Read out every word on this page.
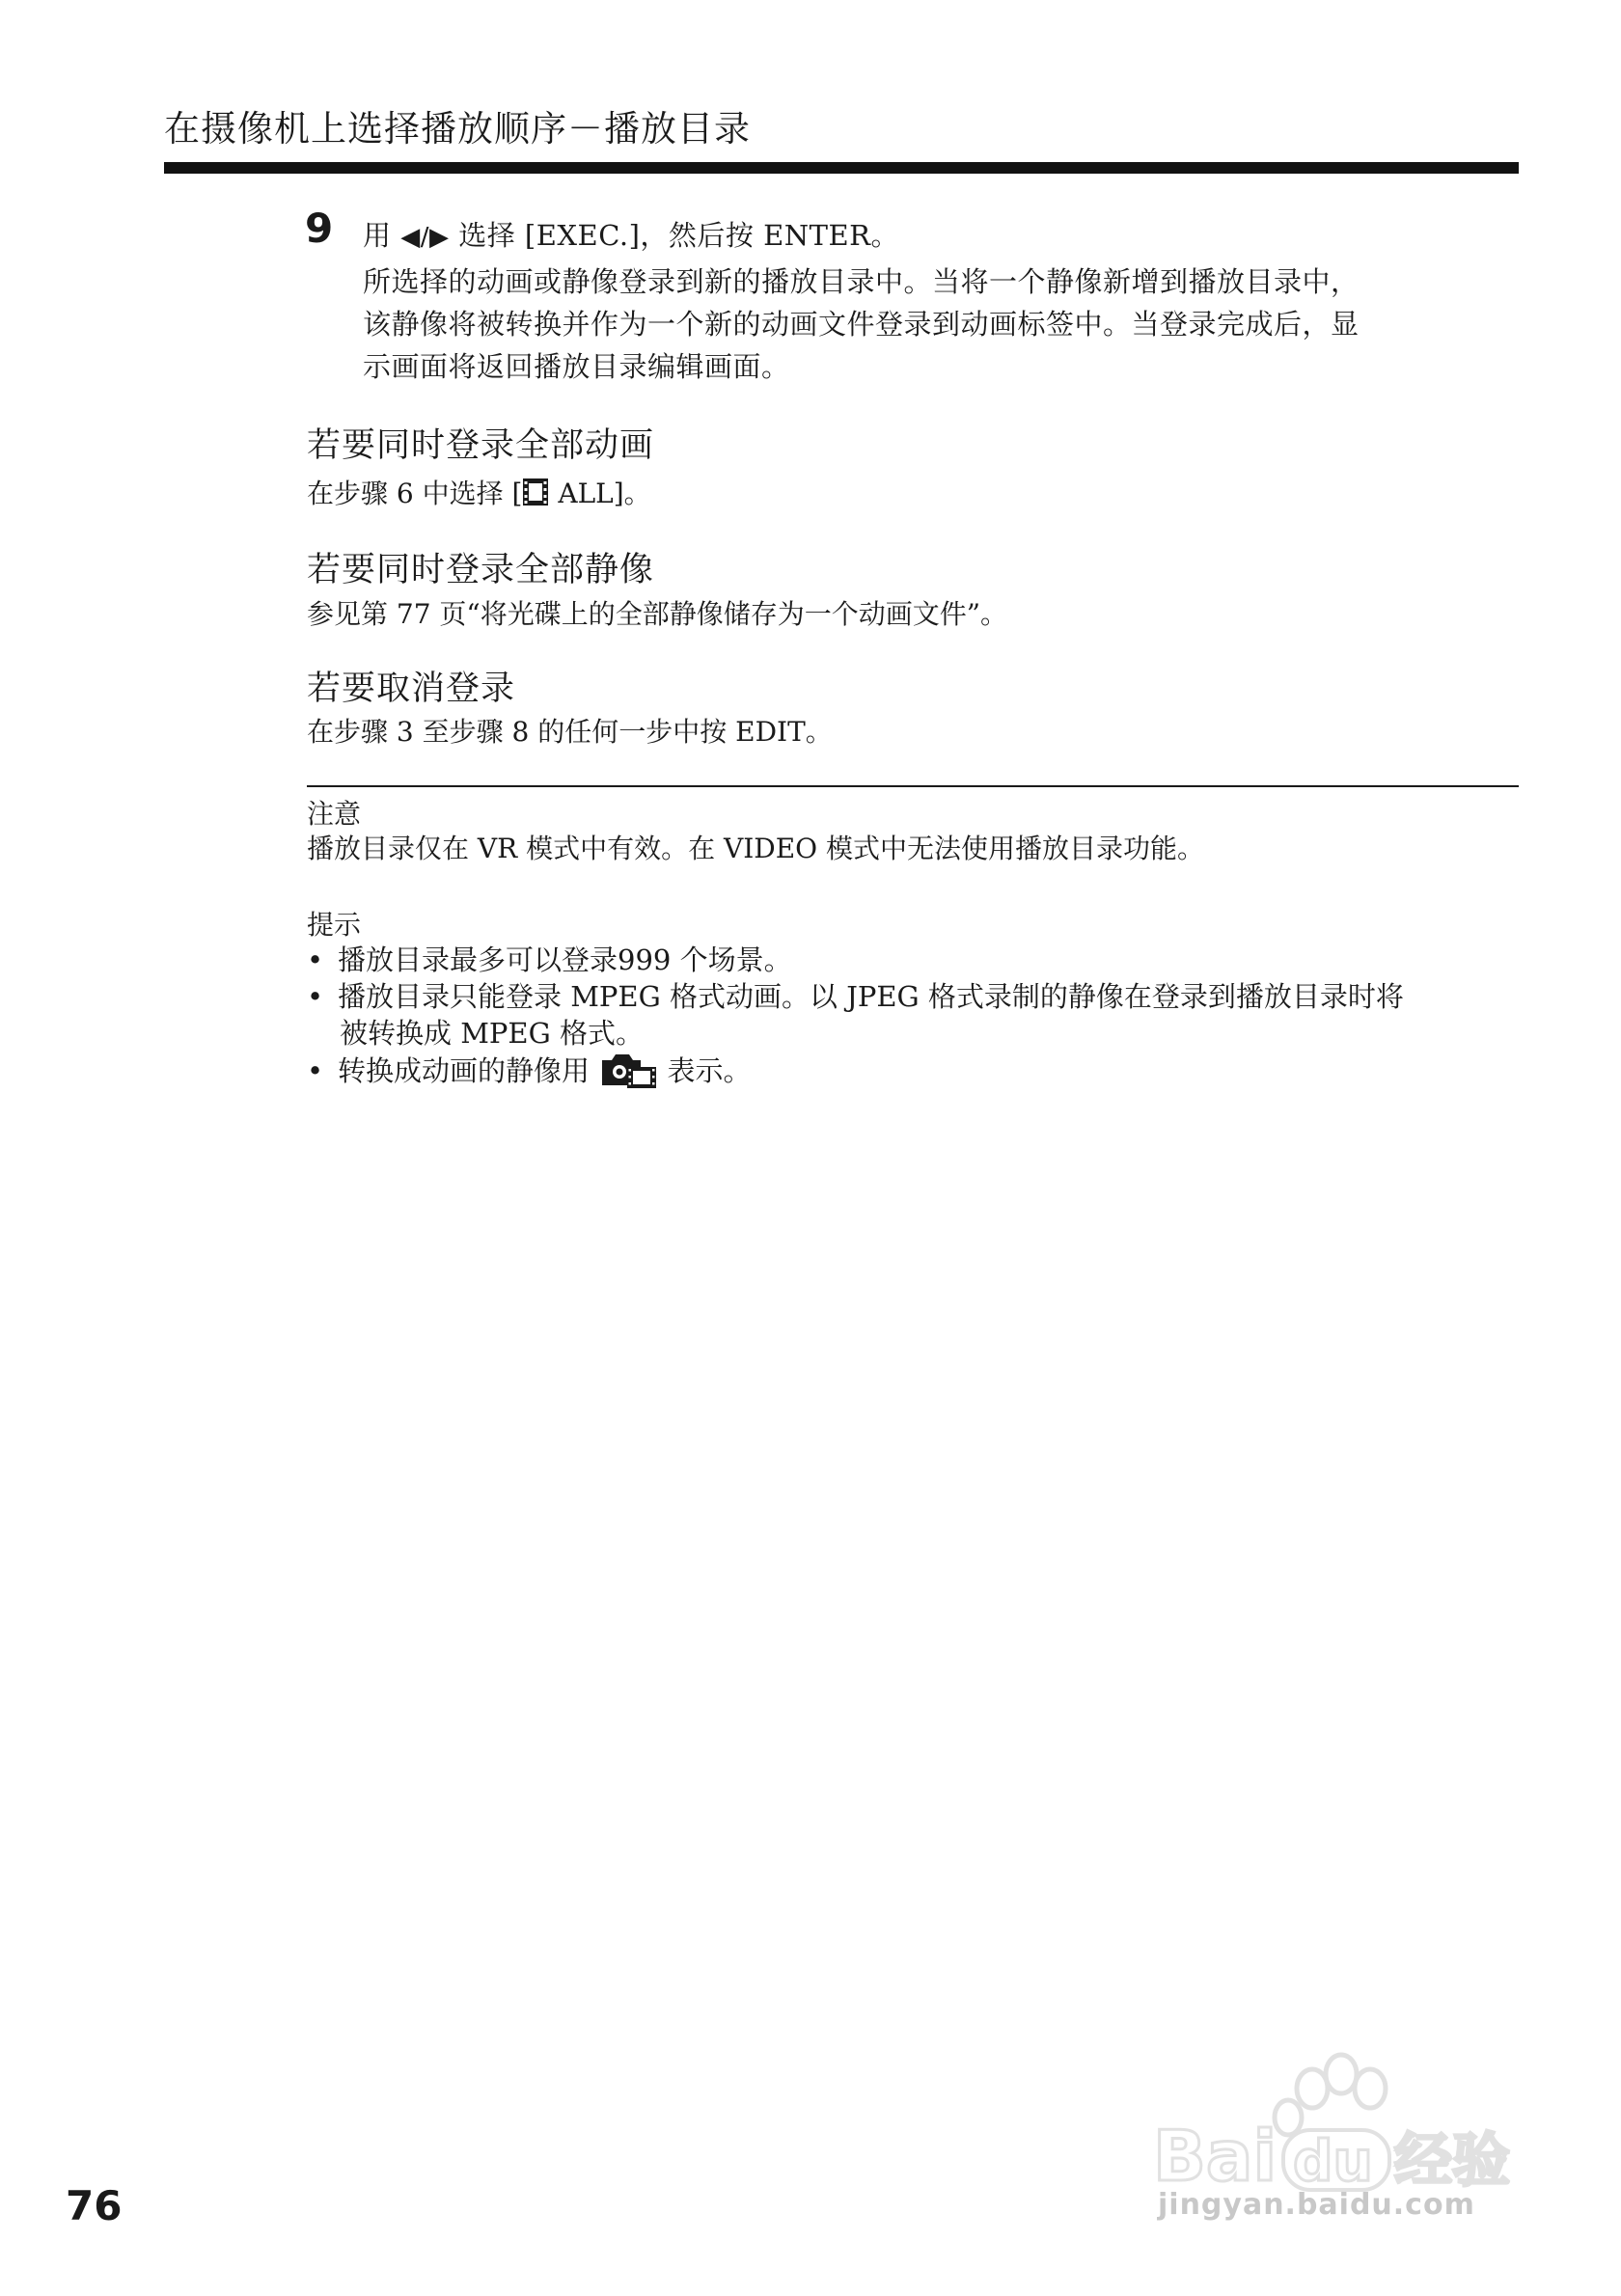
在摄像机上选择播放顺序－播放目录
9 用 ◀/▶ 选择 [EXEC.]，然后按 ENTER。
所选择的动画或静像登录到新的播放目录中。当将一个静像新增到播放目录中，
该静像将被转换并作为一个新的动画文件登录到动画标签中。当登录完成后，显
示画面将返回播放目录编辑画面。
若要同时登录全部动画
在步骤 6 中选择 [ ALL]。
若要同时登录全部静像
参见第 77 页“将光碟上的全部静像储存为一个动画文件”。
若要取消登录
在步骤 3 至步骤 8 的任何一步中按 EDIT。
注意
播放目录仅在 VR 模式中有效。在 VIDEO 模式中无法使用播放目录功能。
提示
• 播放目录最多可以登录999 个场景。
• 播放目录只能登录 MPEG 格式动画。以 JPEG 格式录制的静像在登录到播放目录时将
被转换成 MPEG 格式。
• 转换成动画的静像用	表示。
76
Bai du 经验
jingyan.baidu.com
